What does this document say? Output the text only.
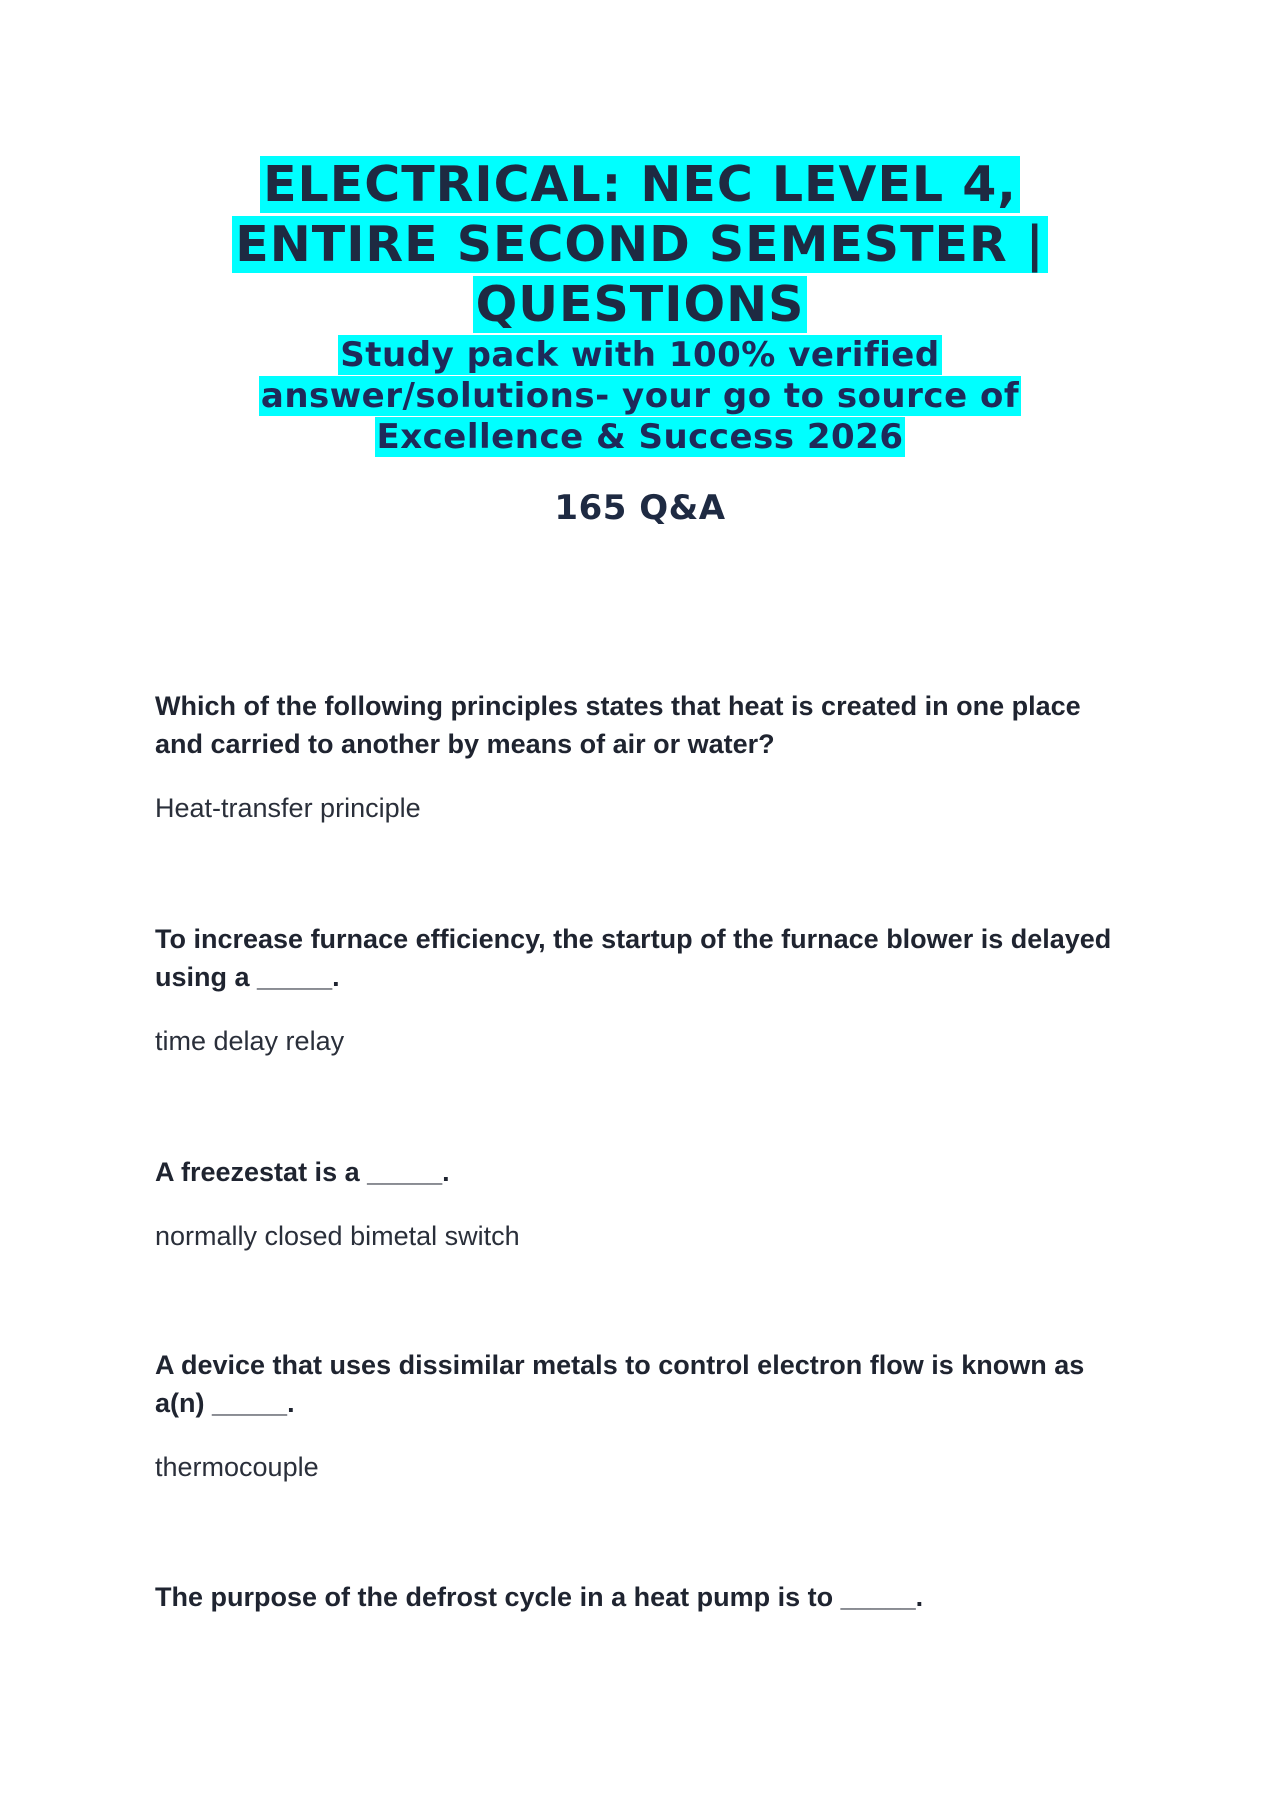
ELECTRICAL: NEC LEVEL 4, ENTIRE SECOND SEMESTER | QUESTIONS
Study pack with 100% verified answer/solutions- your go to source of Excellence & Success 2026
165 Q&A
Which of the following principles states that heat is created in one place and carried to another by means of air or water?
Heat-transfer principle
To increase furnace efficiency, the startup of the furnace blower is delayed using a _____.
time delay relay
A freezestat is a _____.
normally closed bimetal switch
A device that uses dissimilar metals to control electron flow is known as a(n) _____.
thermocouple
The purpose of the defrost cycle in a heat pump is to _____.
